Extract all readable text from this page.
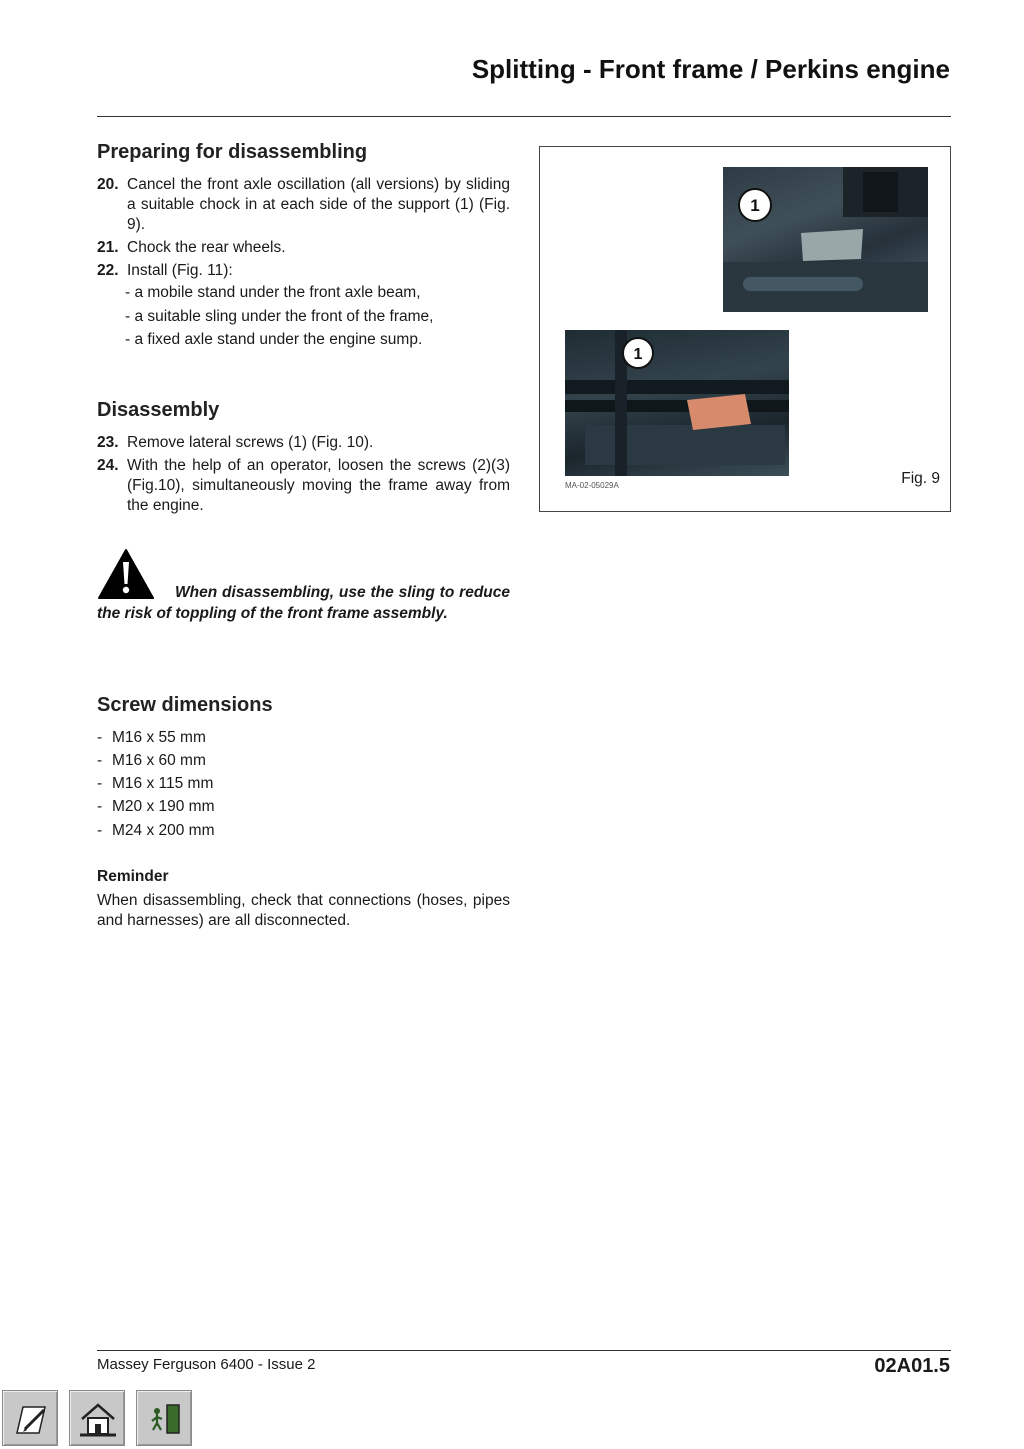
Splitting - Front frame / Perkins engine
Preparing for disassembling
20. Cancel the front axle oscillation (all versions) by sliding a suitable chock in at each side of the support (1) (Fig. 9).
21. Chock the rear wheels.
22. Install (Fig. 11):
- a mobile stand under the front axle beam,
- a suitable sling under the front of the frame,
- a fixed axle stand under the engine sump.
Disassembly
23. Remove lateral screws (1) (Fig. 10).
24. With the help of an operator, loosen the screws (2)(3) (Fig.10), simultaneously moving the frame away from the engine.
When disassembling, use the sling to reduce the risk of toppling of the front frame assembly.
Screw dimensions
- M16 x 55 mm
- M16 x 60 mm
- M16 x 115 mm
- M20 x 190 mm
- M24 x 200 mm
Reminder
When disassembling, check that connections (hoses, pipes and harnesses) are all disconnected.
1
1
MA-02-05029A	Fig. 9
Massey Ferguson 6400 - Issue 2	02A01.5
